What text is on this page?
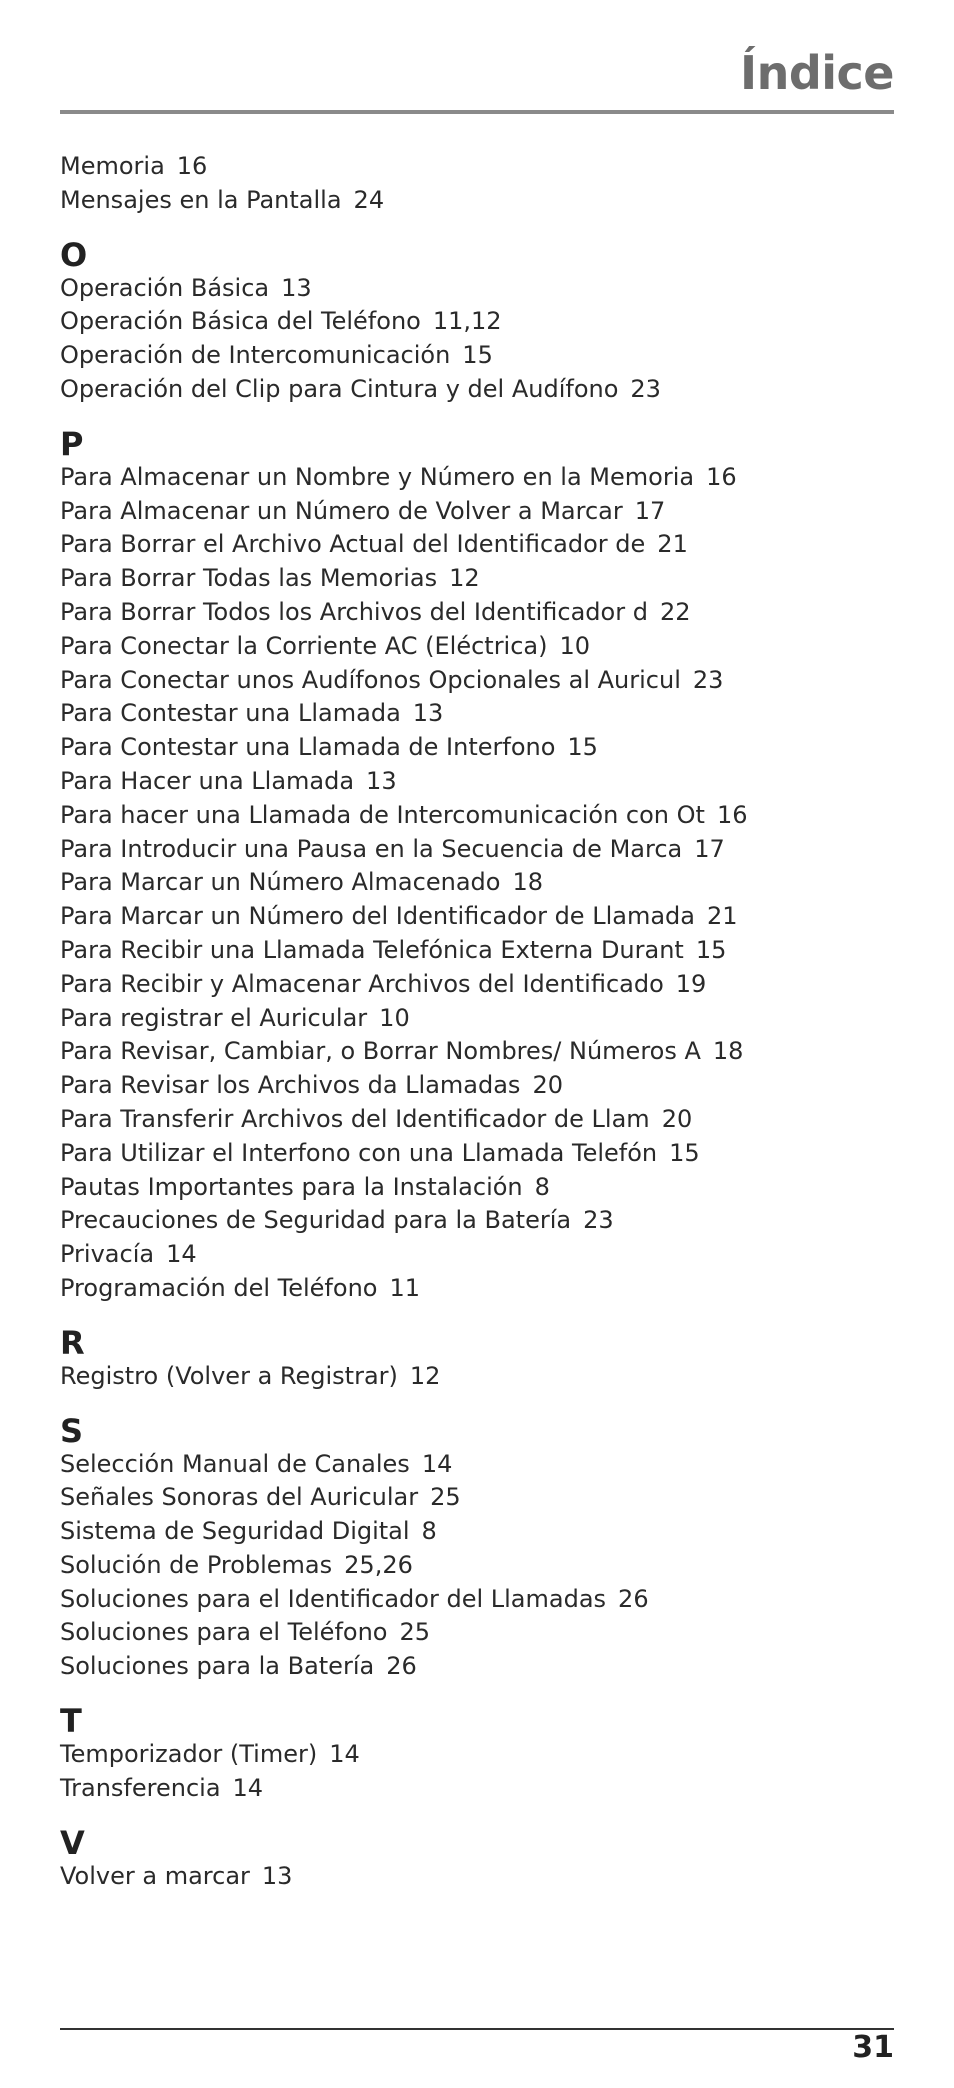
Índice
Memoria 16
Mensajes en la Pantalla 24
O
Operación Básica 13
Operación Básica del Teléfono 11,12
Operación de Intercomunicación 15
Operación del Clip para Cintura y del Audífono 23
P
Para Almacenar un Nombre y Número en la Memoria 16
Para Almacenar un Número de Volver a Marcar 17
Para Borrar el Archivo Actual del Identificador de 21
Para Borrar Todas las Memorias 12
Para Borrar Todos los Archivos del Identificador d 22
Para Conectar la Corriente AC (Eléctrica) 10
Para Conectar unos Audífonos Opcionales al Auricul 23
Para Contestar una Llamada 13
Para Contestar una Llamada de Interfono 15
Para Hacer una Llamada 13
Para hacer una Llamada de Intercomunicación con Ot 16
Para Introducir una Pausa en la Secuencia de Marca 17
Para Marcar un Número Almacenado 18
Para Marcar un Número del Identificador de Llamada 21
Para Recibir una Llamada Telefónica Externa Durant 15
Para Recibir y Almacenar Archivos del Identificado 19
Para registrar el Auricular 10
Para Revisar, Cambiar, o Borrar Nombres/ Números A 18
Para Revisar los Archivos da Llamadas 20
Para Transferir Archivos del Identificador de Llam 20
Para Utilizar el Interfono con una Llamada Telefón 15
Pautas Importantes para la Instalación 8
Precauciones de Seguridad para la Batería 23
Privacía 14
Programación del Teléfono 11
R
Registro (Volver a Registrar) 12
S
Selección Manual de Canales 14
Señales Sonoras del Auricular 25
Sistema de Seguridad Digital 8
Solución de Problemas 25,26
Soluciones para el Identificador del Llamadas 26
Soluciones para el Teléfono 25
Soluciones para la Batería 26
T
Temporizador (Timer) 14
Transferencia 14
V
Volver a marcar 13
31
